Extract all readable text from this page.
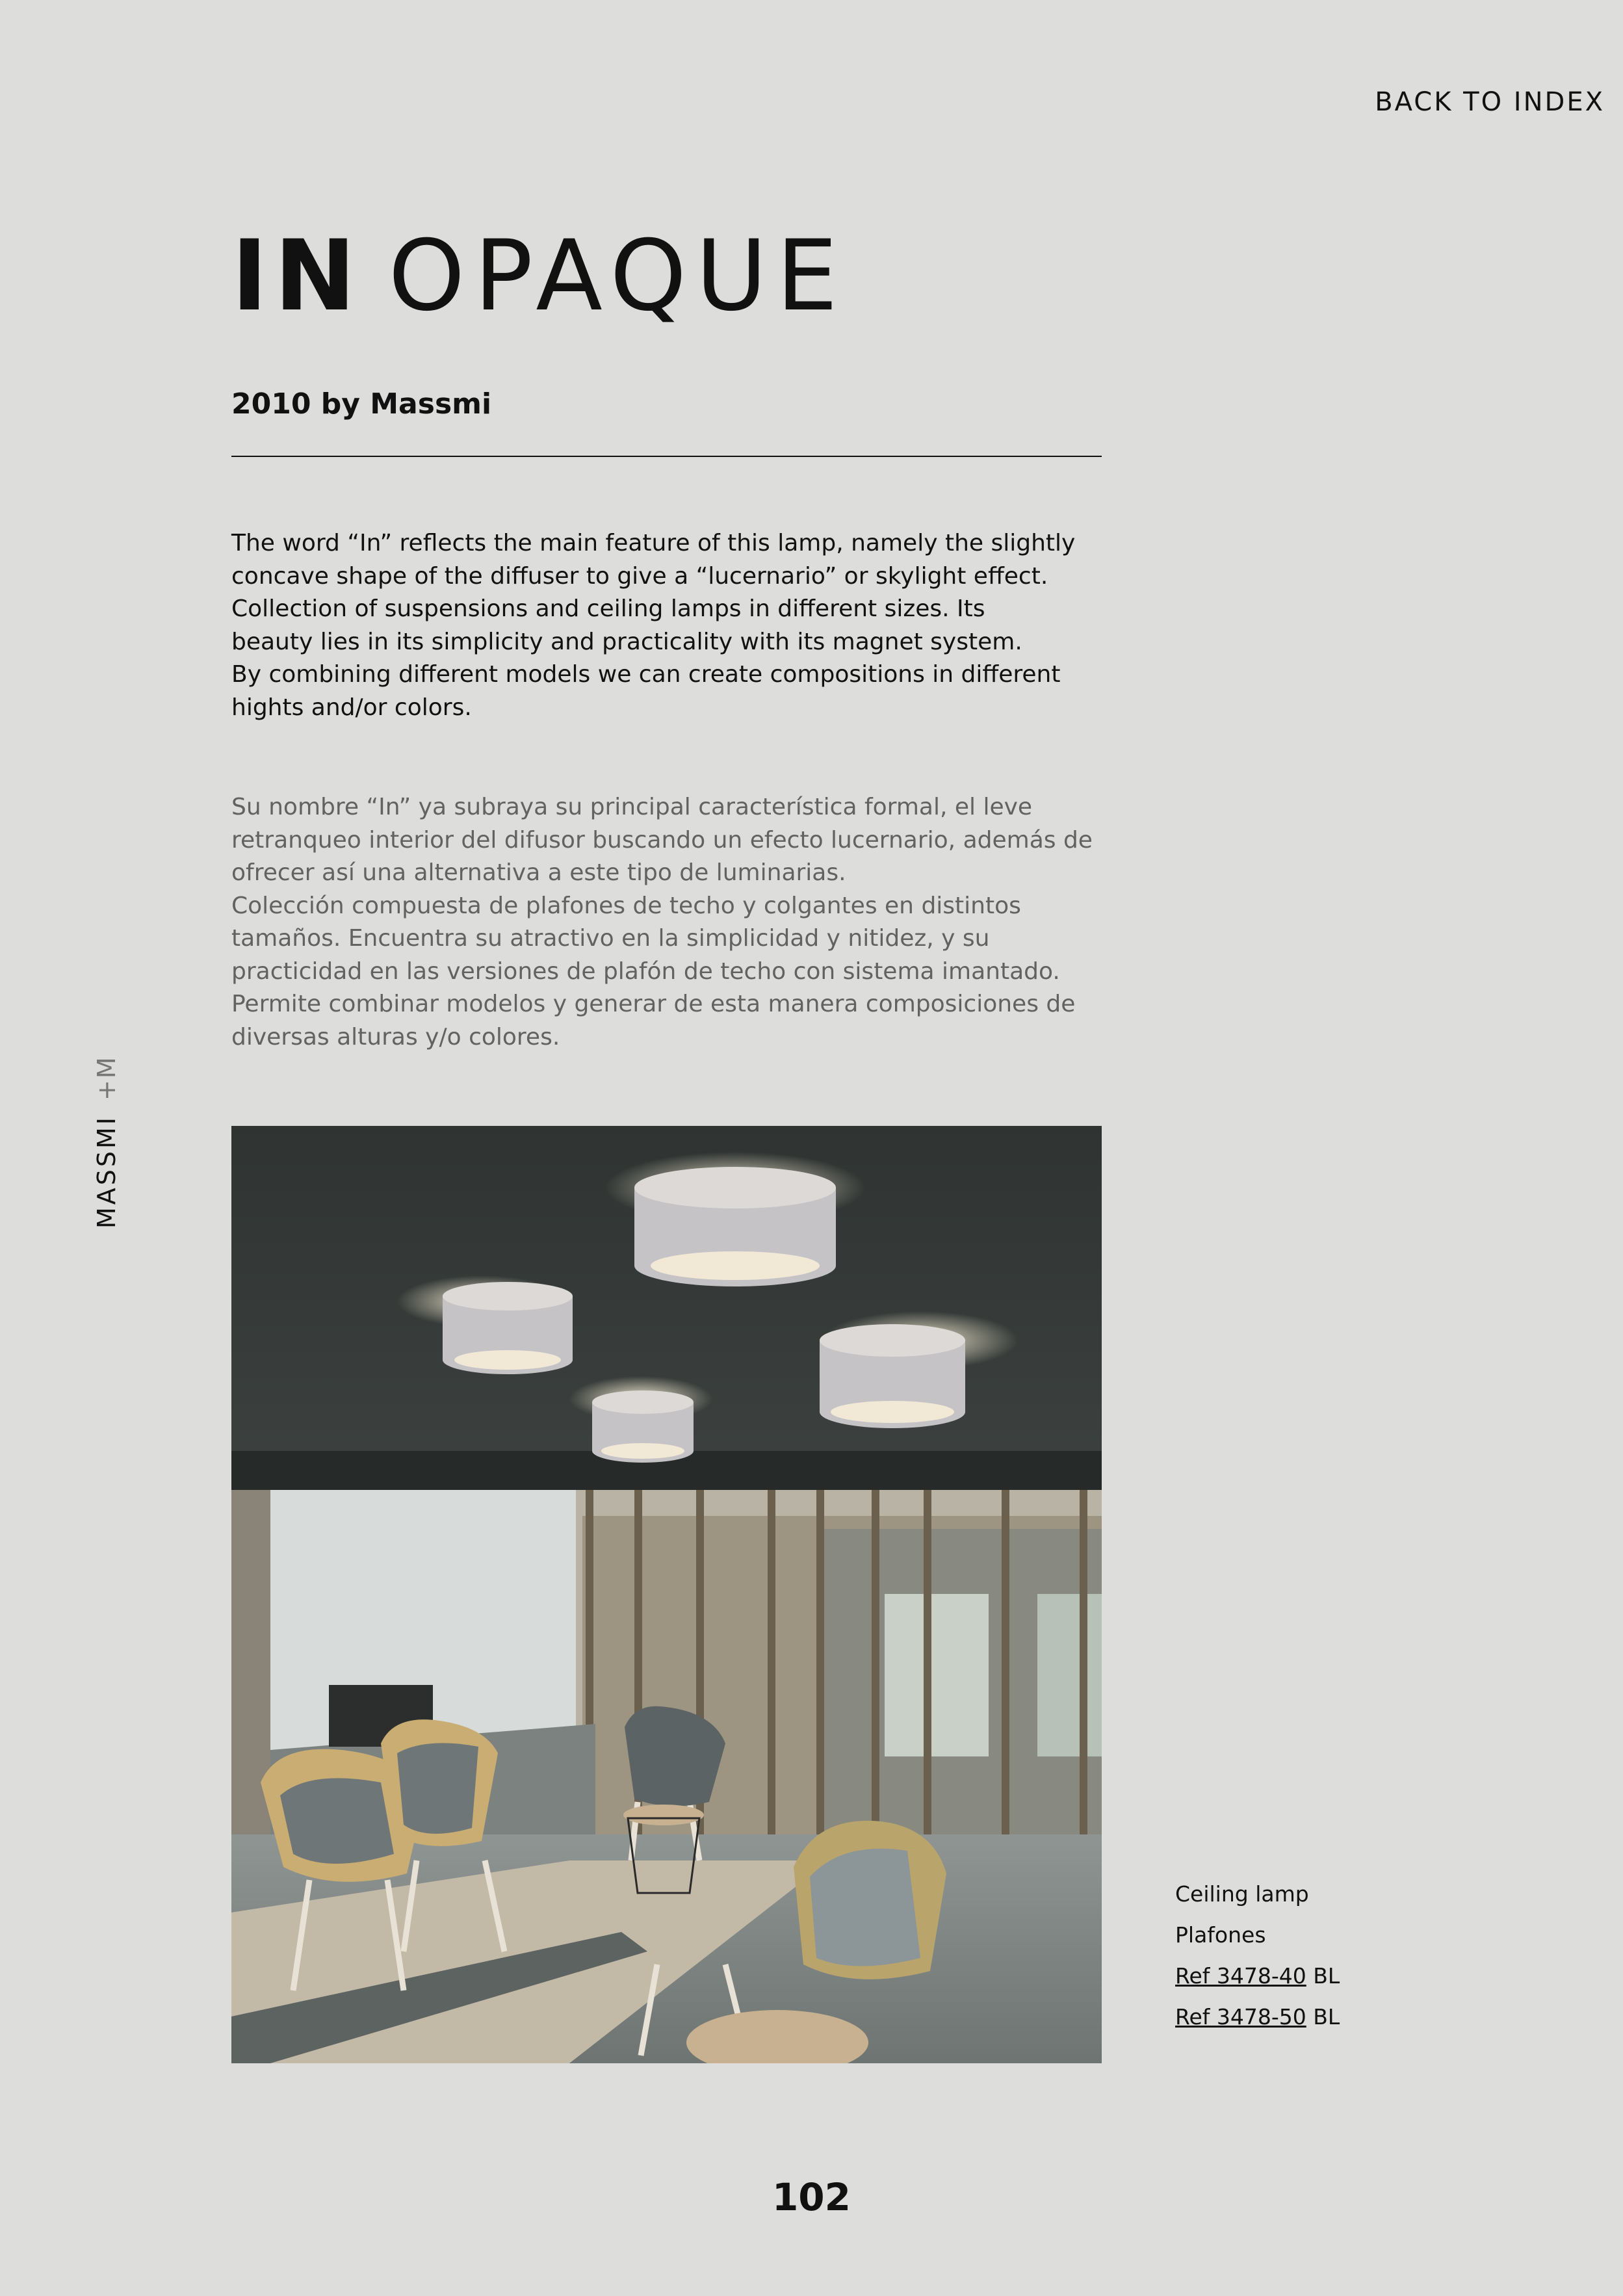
BACK TO INDEX
IN OPAQUE
2010 by Massmi

The word “In” reflects the main feature of this lamp, namely the slightly
concave shape of the diffuser to give a “lucernario” or skylight effect.
Collection of suspensions and ceiling lamps in different sizes. Its
beauty lies in its simplicity and practicality with its magnet system.
By combining different models we can create compositions in different
hights and/or colors.

Su nombre “In” ya subraya su principal característica formal, el leve
retranqueo interior del difusor buscando un efecto lucernario, además de
ofrecer así una alternativa a este tipo de luminarias.
Colección compuesta de plafones de techo y colgantes en distintos
tamaños. Encuentra su atractivo en la simplicidad y nitidez, y su
practicidad en las versiones de plafón de techo con sistema imantado.
Permite combinar modelos y generar de esta manera composiciones de
diversas alturas y/o colores.

MASSMI+M
Ceiling lamp
Plafones
Ref 3478-40 BL
Ref 3478-50 BL
102
